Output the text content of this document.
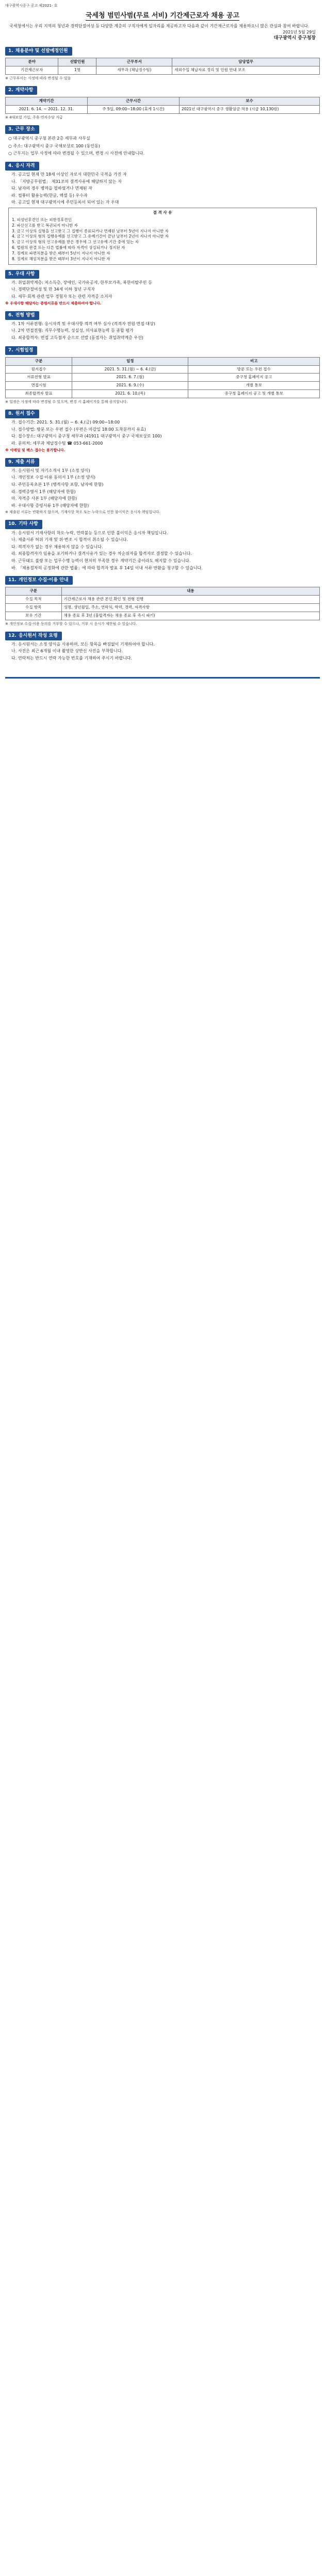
대구광역시중구 공고 제2021- 호
국세청 범민사범(무료 서비) 기간제근로자 채용 공고
국세청에서는 우리 지역의 청년과 경력단절여성 등 다양한 계층의 구직자에게 일자리를 제공하고자 다음과 같이 기간제근로자를 채용하오니 많은 관심과 참여 바랍니다.
2021년 5월 29일
대구광역시 중구청장
1. 채용분야 및 선발예정인원
분야	선발인원	근무부서	담당업무
기간제근로자	1명	세무과 (체납징수팀)	세외수입 체납자료 정리 및 민원 안내 보조
※ 근무부서는 사정에 따라 변경될 수 있음
2. 계약사항
계약기간	근무시간	보수
2021. 6. 14. ~ 2021. 12. 31.	주 5일, 09:00~18:00 (휴게 1시간)	2021년 대구광역시 중구 생활임금 적용 (시급 10,130원)
※ 4대보험 가입, 주휴·연차수당 지급
3. 근무 장소
○ 대구광역시 중구청 본관 2층 세무과 사무실
○ 주소: 대구광역시 중구 국채보상로 100 (동인동)
○ 근무지는 업무 사정에 따라 변경될 수 있으며, 변경 시 사전에 안내합니다.
4. 응시 자격
가. 공고일 현재 만 18세 이상인 자로서 대한민국 국적을 가진 자
나. 「지방공무원법」 제31조의 결격사유에 해당하지 않는 자
다. 남자의 경우 병역을 필하였거나 면제된 자
라. 컴퓨터 활용능력(한글, 엑셀 등) 우수자
마. 공고일 현재 대구광역시에 주민등록이 되어 있는 자 우대
결 격 사 유
1. 피성년후견인 또는 피한정후견인
2. 파산선고를 받고 복권되지 아니한 자
3. 금고 이상의 실형을 선고받고 그 집행이 종료되거나 면제된 날부터 5년이 지나지 아니한 자
4. 금고 이상의 형의 집행유예를 선고받고 그 유예기간이 끝난 날부터 2년이 지나지 아니한 자
5. 금고 이상의 형의 선고유예를 받은 경우에 그 선고유예 기간 중에 있는 자
6. 법원의 판결 또는 다른 법률에 따라 자격이 상실되거나 정지된 자
7. 징계로 파면처분을 받은 때부터 5년이 지나지 아니한 자
8. 징계로 해임처분을 받은 때부터 3년이 지나지 아니한 자
5. 우대 사항
가. 취업취약계층: 저소득층, 장애인, 국가유공자, 한부모가족, 북한이탈주민 등
나. 경력단절여성 및 만 34세 이하 청년 구직자
다. 세무·회계 관련 업무 경험자 또는 관련 자격증 소지자
※ 우대사항 해당자는 증빙서류를 반드시 제출하여야 합니다.
6. 전형 방법
가. 1차 서류전형: 응시자격 및 우대사항 적격 여부 심사 (적격자 전원 면접 대상)
나. 2차 면접전형: 직무수행능력, 성실성, 의사표현능력 등 종합 평가
다. 최종합격자: 면접 고득점자 순으로 선발 (동점자는 취업취약계층 우선)
7. 시험일정
구분	일정	비고
원서접수	2021. 5. 31.(월) ~ 6. 4.(금)	방문 또는 우편 접수
서류전형 발표	2021. 6. 7.(월)	중구청 홈페이지 공고
면접시험	2021. 6. 9.(수)	개별 통보
최종합격자 발표	2021. 6. 10.(목)	중구청 홈페이지 공고 및 개별 통보
※ 일정은 사정에 따라 변경될 수 있으며, 변경 시 홈페이지를 통해 공지합니다.
8. 원서 접수
가. 접수기간: 2021. 5. 31.(월) ~ 6. 4.(금) 09:00~18:00
나. 접수방법: 방문 또는 우편 접수 (우편은 마감일 18:00 도착분까지 유효)
다. 접수장소: 대구광역시 중구청 세무과 (41911 대구광역시 중구 국채보상로 100)
라. 문의처: 세무과 체납징수팀 ☎ 053-661-2000
※ 이메일 및 팩스 접수는 불가합니다.
9. 제출 서류
가. 응시원서 및 자기소개서 1부 (소정 양식)
나. 개인정보 수집·이용 동의서 1부 (소정 양식)
다. 주민등록초본 1부 (병적사항 포함, 남자에 한함)
라. 경력증명서 1부 (해당자에 한함)
마. 자격증 사본 1부 (해당자에 한함)
바. 우대사항 증빙서류 1부 (해당자에 한함)
※ 제출된 서류는 반환하지 않으며, 기재사항 착오 또는 누락으로 인한 불이익은 응시자 책임입니다.
10. 기타 사항
가. 응시원서 기재사항의 착오·누락, 연락불능 등으로 인한 불이익은 응시자 책임입니다.
나. 제출서류 허위 기재 및 위·변조 시 합격이 취소될 수 있습니다.
다. 적격자가 없는 경우 채용하지 않을 수 있습니다.
라. 최종합격자가 임용을 포기하거나 결격사유가 있는 경우 차순위자를 합격자로 결정할 수 있습니다.
마. 근무태도 불량 또는 업무수행 능력이 현저히 부족한 경우 계약기간 중이라도 해지할 수 있습니다.
바. 「채용절차의 공정화에 관한 법률」에 따라 합격자 발표 후 14일 이내 서류 반환을 청구할 수 있습니다.
11. 개인정보 수집·이용 안내
구분	내용
수집 목적	기간제근로자 채용 관련 본인 확인 및 전형 진행
수집 항목	성명, 생년월일, 주소, 연락처, 학력, 경력, 자격사항
보유 기간	채용 종료 후 3년 (불합격자는 채용 종료 후 즉시 파기)
※ 개인정보 수집·이용 동의를 거부할 수 있으나, 거부 시 응시가 제한될 수 있습니다.
12. 응시원서 작성 요령
가. 응시원서는 소정 양식을 사용하며, 모든 항목을 빠짐없이 기재하여야 합니다.
나. 사진은 최근 6개월 이내 촬영한 상반신 사진을 부착합니다.
다. 연락처는 반드시 연락 가능한 번호를 기재하여 주시기 바랍니다.
